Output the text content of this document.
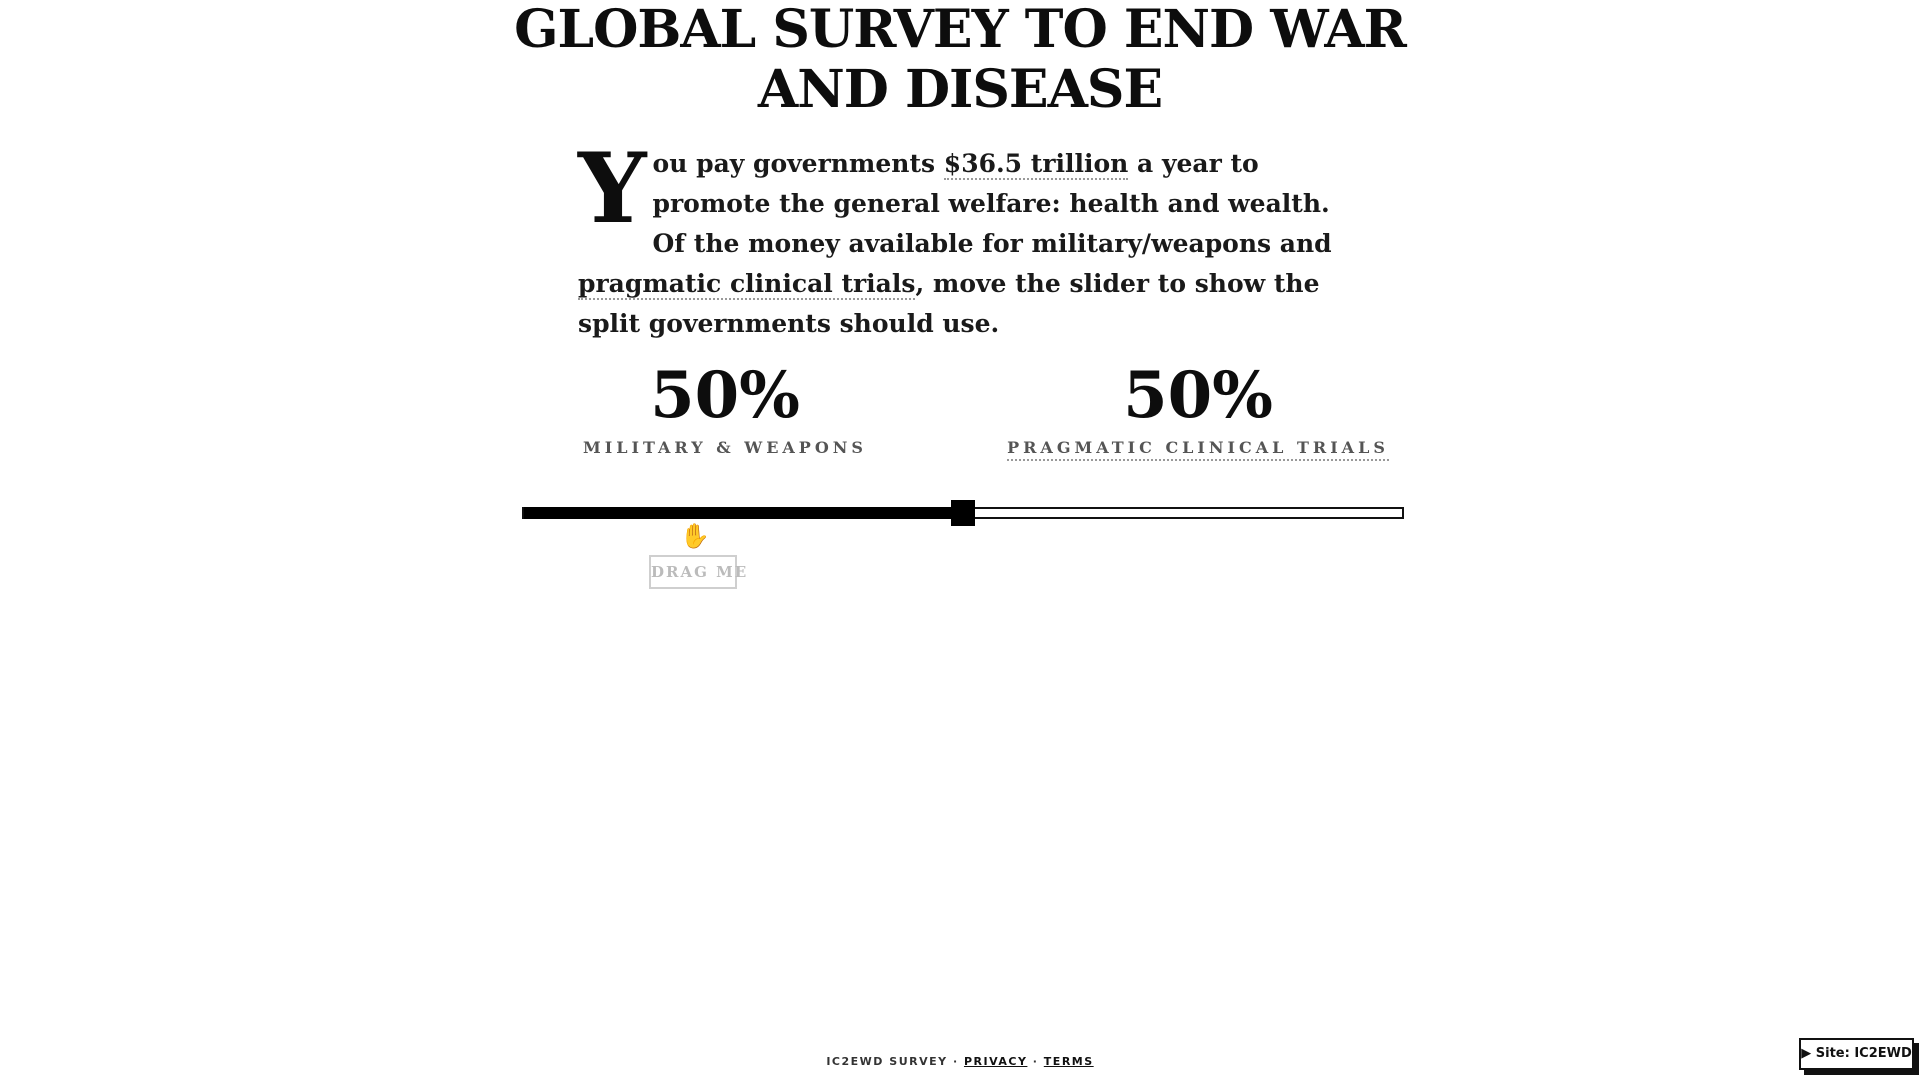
GLOBAL SURVEY TO END WAR AND DISEASE

You pay governments $36.5 trillion a year to promote the general welfare: health and wealth. Of the money available for military/weapons and pragmatic clinical trials, move the slider to show the split governments should use.

50%
MILITARY & WEAPONS
50%
PRAGMATIC CLINICAL TRIALS
✋
DRAG ME
IC2EWD SURVEY · PRIVACY · TERMS
▶ Site: IC2EWD
